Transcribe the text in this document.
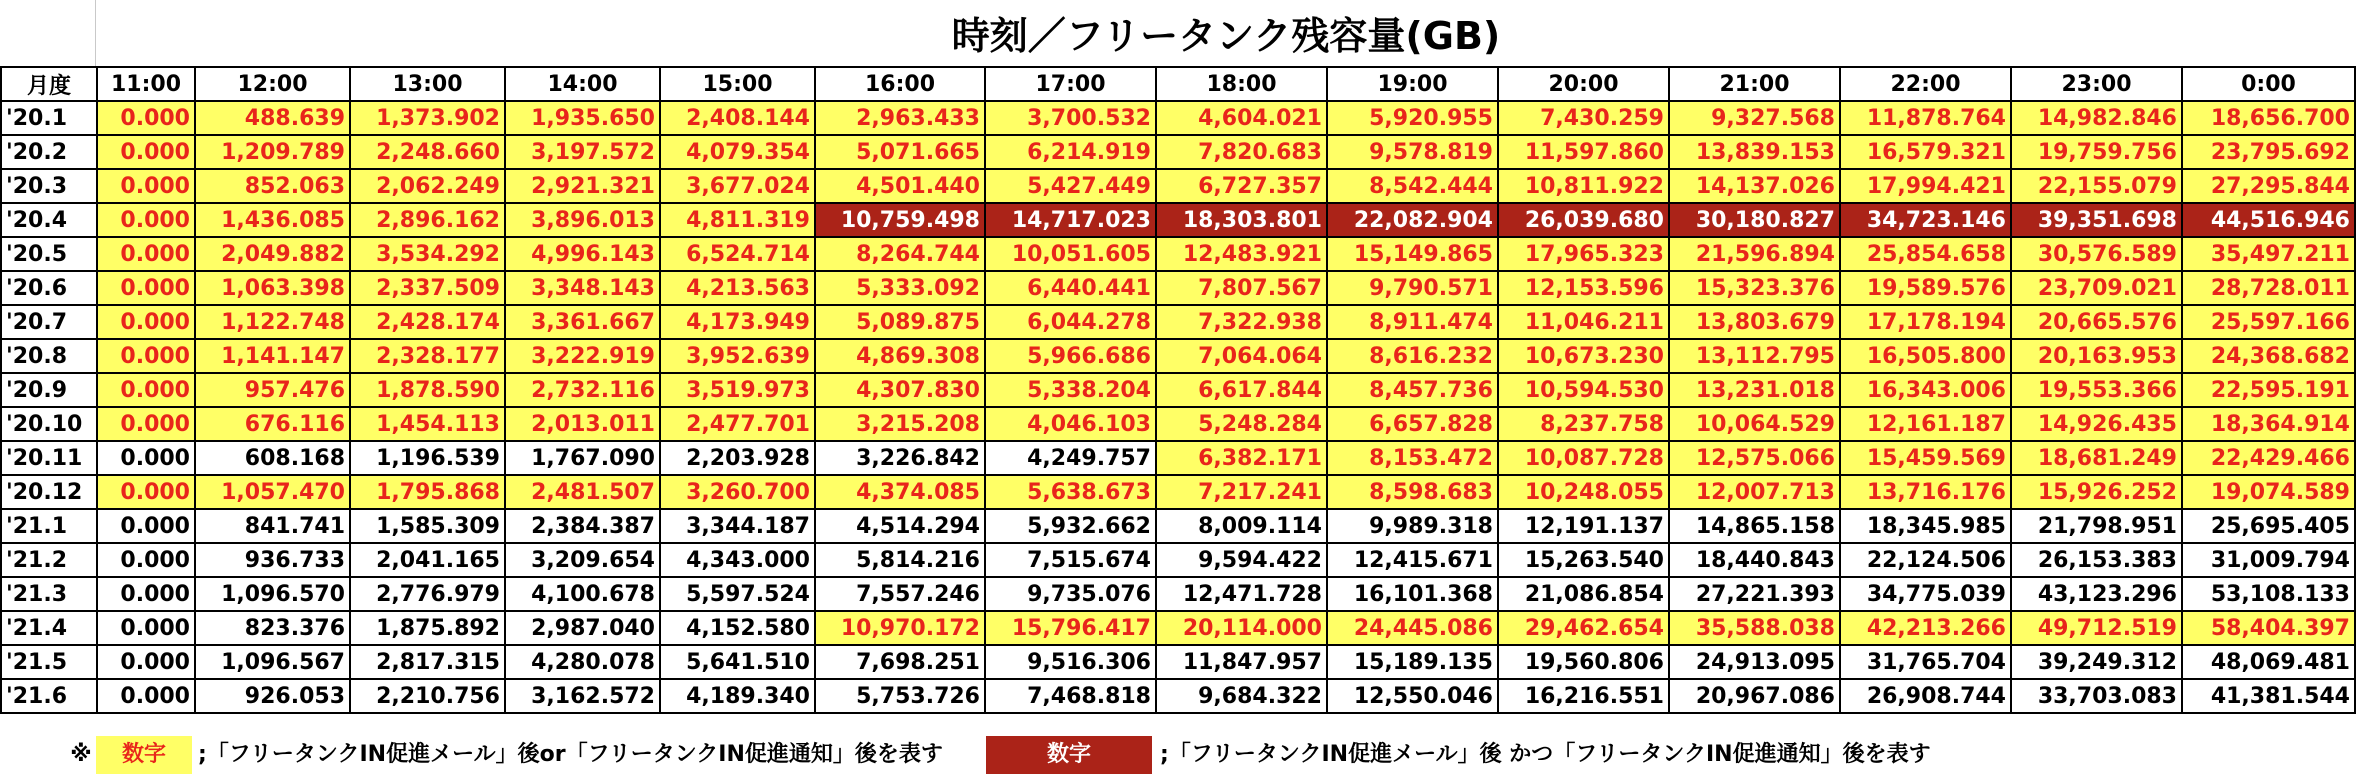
時刻／フリータンク残容量(GB)
月度	11:00	12:00	13:00	14:00	15:00	16:00	17:00	18:00	19:00	20:00	21:00	22:00	23:00	0:00
'20.1	0.000	488.639	1,373.902	1,935.650	2,408.144	2,963.433	3,700.532	4,604.021	5,920.955	7,430.259	9,327.568	11,878.764	14,982.846	18,656.700
'20.2	0.000	1,209.789	2,248.660	3,197.572	4,079.354	5,071.665	6,214.919	7,820.683	9,578.819	11,597.860	13,839.153	16,579.321	19,759.756	23,795.692
'20.3	0.000	852.063	2,062.249	2,921.321	3,677.024	4,501.440	5,427.449	6,727.357	8,542.444	10,811.922	14,137.026	17,994.421	22,155.079	27,295.844
'20.4	0.000	1,436.085	2,896.162	3,896.013	4,811.319	10,759.498	14,717.023	18,303.801	22,082.904	26,039.680	30,180.827	34,723.146	39,351.698	44,516.946
'20.5	0.000	2,049.882	3,534.292	4,996.143	6,524.714	8,264.744	10,051.605	12,483.921	15,149.865	17,965.323	21,596.894	25,854.658	30,576.589	35,497.211
'20.6	0.000	1,063.398	2,337.509	3,348.143	4,213.563	5,333.092	6,440.441	7,807.567	9,790.571	12,153.596	15,323.376	19,589.576	23,709.021	28,728.011
'20.7	0.000	1,122.748	2,428.174	3,361.667	4,173.949	5,089.875	6,044.278	7,322.938	8,911.474	11,046.211	13,803.679	17,178.194	20,665.576	25,597.166
'20.8	0.000	1,141.147	2,328.177	3,222.919	3,952.639	4,869.308	5,966.686	7,064.064	8,616.232	10,673.230	13,112.795	16,505.800	20,163.953	24,368.682
'20.9	0.000	957.476	1,878.590	2,732.116	3,519.973	4,307.830	5,338.204	6,617.844	8,457.736	10,594.530	13,231.018	16,343.006	19,553.366	22,595.191
'20.10	0.000	676.116	1,454.113	2,013.011	2,477.701	3,215.208	4,046.103	5,248.284	6,657.828	8,237.758	10,064.529	12,161.187	14,926.435	18,364.914
'20.11	0.000	608.168	1,196.539	1,767.090	2,203.928	3,226.842	4,249.757	6,382.171	8,153.472	10,087.728	12,575.066	15,459.569	18,681.249	22,429.466
'20.12	0.000	1,057.470	1,795.868	2,481.507	3,260.700	4,374.085	5,638.673	7,217.241	8,598.683	10,248.055	12,007.713	13,716.176	15,926.252	19,074.589
'21.1	0.000	841.741	1,585.309	2,384.387	3,344.187	4,514.294	5,932.662	8,009.114	9,989.318	12,191.137	14,865.158	18,345.985	21,798.951	25,695.405
'21.2	0.000	936.733	2,041.165	3,209.654	4,343.000	5,814.216	7,515.674	9,594.422	12,415.671	15,263.540	18,440.843	22,124.506	26,153.383	31,009.794
'21.3	0.000	1,096.570	2,776.979	4,100.678	5,597.524	7,557.246	9,735.076	12,471.728	16,101.368	21,086.854	27,221.393	34,775.039	43,123.296	53,108.133
'21.4	0.000	823.376	1,875.892	2,987.040	4,152.580	10,970.172	15,796.417	20,114.000	24,445.086	29,462.654	35,588.038	42,213.266	49,712.519	58,404.397
'21.5	0.000	1,096.567	2,817.315	4,280.078	5,641.510	7,698.251	9,516.306	11,847.957	15,189.135	19,560.806	24,913.095	31,765.704	39,249.312	48,069.481
'21.6	0.000	926.053	2,210.756	3,162.572	4,189.340	5,753.726	7,468.818	9,684.322	12,550.046	16,216.551	20,967.086	26,908.744	33,703.083	41,381.544
※	数字	;「フリータンクIN促進メール」後or「フリータンクIN促進通知」後を表す	数字	;「フリータンクIN促進メール」後 かつ「フリータンクIN促進通知」後を表す
